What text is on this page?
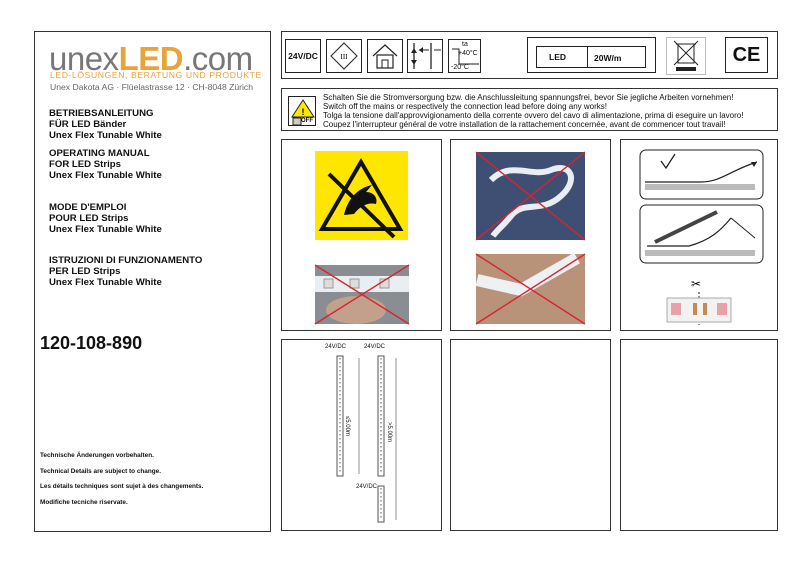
unexLED.com
LED-LÖSUNGEN, BERATUNG UND PRODUKTE
Unex Dakota AG · Flüelastrasse 12 · CH-8048 Zürich
BETRIEBSANLEITUNG
FÜR LED Bänder
Unex Flex Tunable White
OPERATING MANUAL
FOR LED Strips
Unex Flex Tunable White
MODE D'EMPLOI
POUR LED Strips
Unex Flex Tunable White
ISTRUZIONI DI FUNZIONAMENTO
PER LED Strips
Unex Flex Tunable White
120-108-890
Technische Änderungen vorbehalten.
Technical Details are subject to change.
Les détails techniques sont sujet à des changements.
Modifiche tecniche riservate.
24V/DC	III
ta
+40°C
-20°C
LED	20W/m	CE
!
OFF
Schalten Sie die Stromversorgung bzw. die Anschlussleitung spannungsfrei, bevor Sie jegliche Arbeiten vornehmen!
Switch off the mains or respectively the connection lead before doing any works!
Tolga la tensione dall'approvvigionamento della corrente ovvero del cavo di alimentazione, prima di eseguire un lavoro!
Coupez l'interrupteur général de votre installation de la rattachement concernée, avant de commencer tout travail!
✂
24V/DC	24V/DC
24V/DC
≤5.00m	>5.00m
